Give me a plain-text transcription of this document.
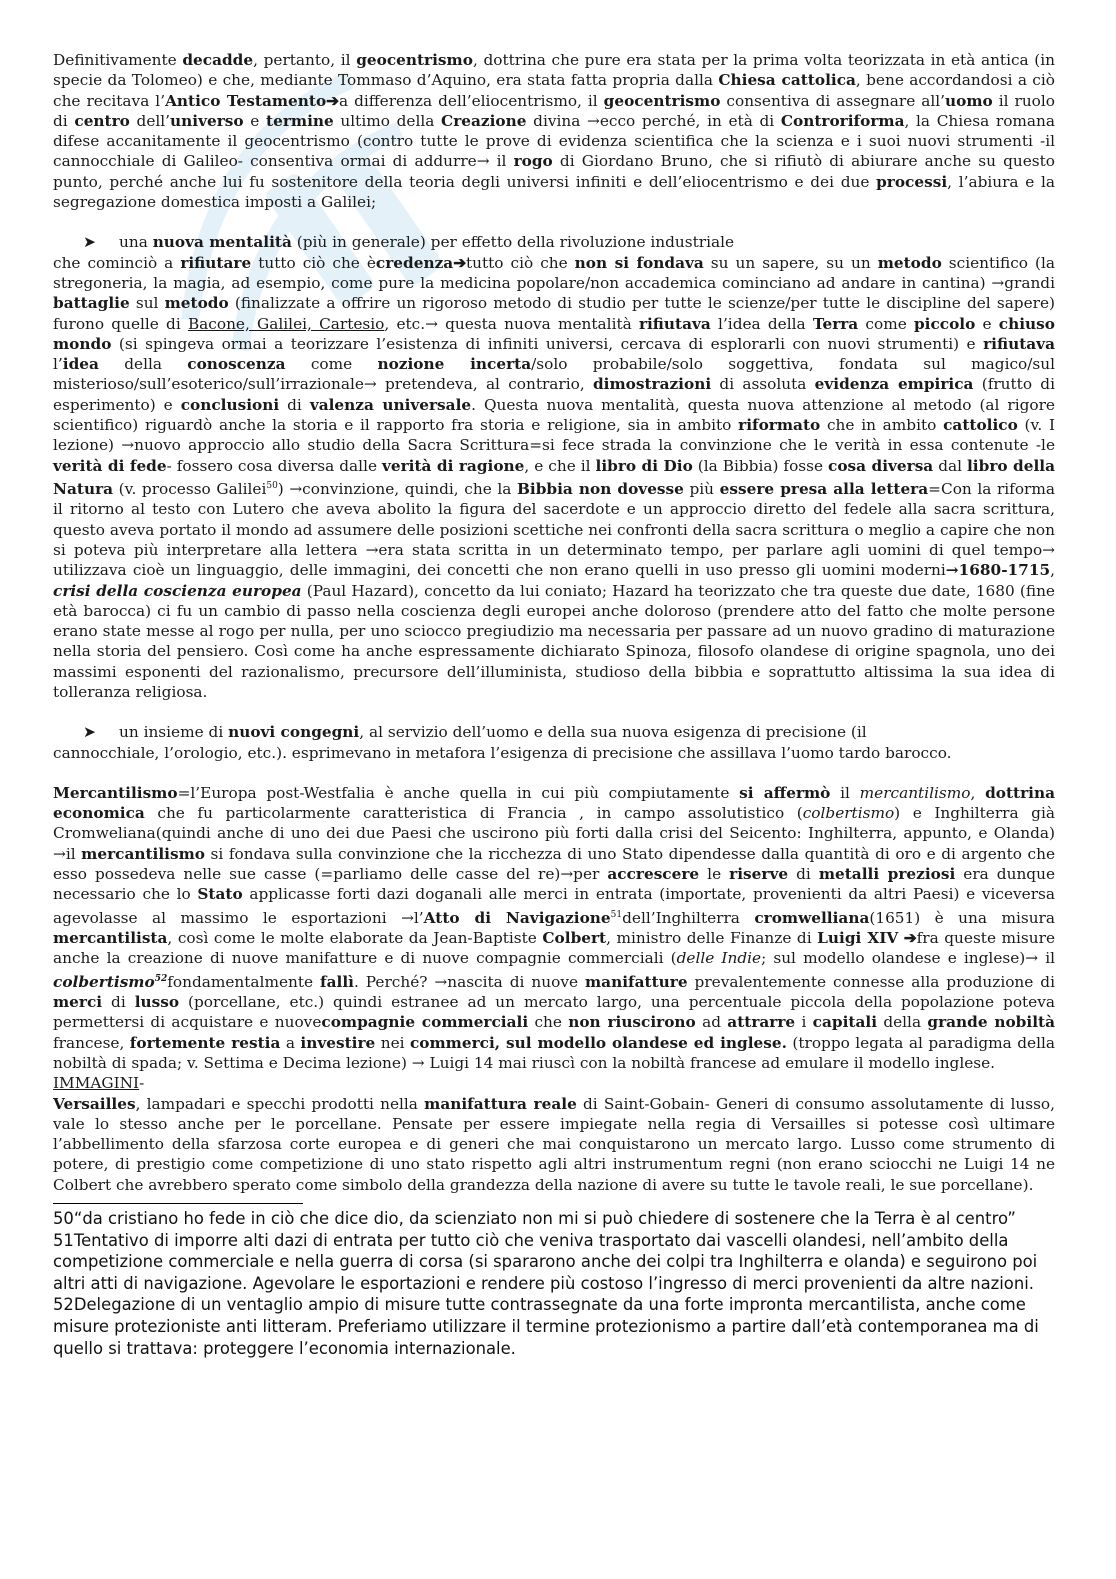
Definitivamente decadde, pertanto, il geocentrismo, dottrina che pure era stata per la prima volta teorizzata in età antica (in specie da Tolomeo) e che, mediante Tommaso d’Aquino, era stata fatta propria dalla Chiesa cattolica, bene accordandosi a ciò che recitava l’Antico Testamento➔a differenza dell’eliocentrismo, il geocentrismo consentiva di assegnare all’uomo il ruolo di centro dell’universo e termine ultimo della Creazione divina →ecco perché, in età di Controriforma, la Chiesa romana difese accanitamente il geocentrismo (contro tutte le prove di evidenza scientifica che la scienza e i suoi nuovi strumenti -il cannocchiale di Galileo- consentiva ormai di addurre→ il rogo di Giordano Bruno, che si rifiutò di abiurare anche su questo punto, perché anche lui fu sostenitore della teoria degli universi infiniti e dell’eliocentrismo e dei due processi, l’abiura e la segregazione domestica imposti a Galilei;

➤	una nuova mentalità (più in generale) per effetto della rivoluzione industriale

che cominciò a rifiutare tutto ciò che ècredenza➔tutto ciò che non si fondava su un sapere, su un metodo scientifico (la stregoneria, la magia, ad esempio, come pure la medicina popolare/non accademica cominciano ad andare in cantina) →grandi battaglie sul metodo (finalizzate a offrire un rigoroso metodo di studio per tutte le scienze/per tutte le discipline del sapere) furono quelle di Bacone, Galilei, Cartesio, etc.→ questa nuova mentalità rifiutava l’idea della Terra come piccolo e chiuso mondo (si spingeva ormai a teorizzare l’esistenza di infiniti universi, cercava di esplorarli con nuovi strumenti) e rifiutava l’idea della conoscenza come nozione incerta/solo probabile/solo soggettiva, fondata sul magico/sul misterioso/sull’esoterico/sull’irrazionale→ pretendeva, al contrario, dimostrazioni di assoluta evidenza empirica (frutto di esperimento) e conclusioni di valenza universale. Questa nuova mentalità, questa nuova attenzione al metodo (al rigore scientifico) riguardò anche la storia e il rapporto fra storia e religione, sia in ambito riformato che in ambito cattolico (v. I lezione) →nuovo approccio allo studio della Sacra Scrittura=si fece strada la convinzione che le verità in essa contenute -le verità di fede- fossero cosa diversa dalle verità di ragione, e che il libro di Dio (la Bibbia) fosse cosa diversa dal libro della Natura (v. processo Galilei$^{50}$) →convinzione, quindi, che la Bibbia non dovesse più essere presa alla lettera=Con la riforma il ritorno al testo con Lutero che aveva abolito la figura del sacerdote e un approccio diretto del fedele alla sacra scrittura, questo aveva portato il mondo ad assumere delle posizioni scettiche nei confronti della sacra scrittura o meglio a capire che non si poteva più interpretare alla lettera →era stata scritta in un determinato tempo, per parlare agli uomini di quel tempo→ utilizzava cioè un linguaggio, delle immagini, dei concetti che non erano quelli in uso presso gli uomini moderni→1680-1715, crisi della coscienza europea (Paul Hazard), concetto da lui coniato; Hazard ha teorizzato che tra queste due date, 1680 (fine età barocca) ci fu un cambio di passo nella coscienza degli europei anche doloroso (prendere atto del fatto che molte persone erano state messe al rogo per nulla, per uno sciocco pregiudizio ma necessaria per passare ad un nuovo gradino di maturazione nella storia del pensiero. Così come ha anche espressamente dichiarato Spinoza, filosofo olandese di origine spagnola, uno dei massimi esponenti del razionalismo, precursore dell’illuminista, studioso della bibbia e soprattutto altissima la sua idea di tolleranza religiosa.

➤	un insieme di nuovi congegni, al servizio dell’uomo e della sua nuova esigenza di precisione (il

cannocchiale, l’orologio, etc.). esprimevano in metafora l’esigenza di precisione che assillava l’uomo tardo barocco.

Mercantilismo=l’Europa post-Westfalia è anche quella in cui più compiutamente si affermò il mercantilismo, dottrina economica che fu particolarmente caratteristica di Francia , in campo assolutistico (colbertismo) e Inghilterra già Cromweliana(quindi anche di uno dei due Paesi che uscirono più forti dalla crisi del Seicento: Inghilterra, appunto, e Olanda) →il mercantilismo si fondava sulla convinzione che la ricchezza di uno Stato dipendesse dalla quantità di oro e di argento che esso possedeva nelle sue casse (=parliamo delle casse del re)→per accrescere le riserve di metalli preziosi era dunque necessario che lo Stato applicasse forti dazi doganali alle merci in entrata (importate, provenienti da altri Paesi) e viceversa agevolasse al massimo le esportazioni →l’Atto di Navigazione$^{51}$dell’Inghilterra cromwelliana(1651) è una misura mercantilista, così come le molte elaborate da Jean-Baptiste Colbert, ministro delle Finanze di Luigi XIV ➔fra queste misure anche la creazione di nuove manifatture e di nuove compagnie commerciali (delle Indie; sul modello olandese e inglese)→ il colbertismo$^{52}$fondamentalmente fallì. Perché? →nascita di nuove manifatture prevalentemente connesse alla produzione di merci di lusso (porcellane, etc.) quindi estranee ad un mercato largo, una percentuale piccola della popolazione poteva permettersi di acquistare e nuovecompagnie commerciali che non riuscirono ad attrarre i capitali della grande nobiltà francese, fortemente restia a investire nei commerci, sul modello olandese ed inglese. (troppo legata al paradigma della nobiltà di spada; v. Settima e Decima lezione) → Luigi 14 mai riuscì con la nobiltà francese ad emulare il modello inglese.

IMMAGINI-

Versailles, lampadari e specchi prodotti nella manifattura reale di Saint-Gobain- Generi di consumo assolutamente di lusso, vale lo stesso anche per le porcellane. Pensate per essere impiegate nella regia di Versailles si potesse così ultimare l’abbellimento della sfarzosa corte europea e di generi che mai conquistarono un mercato largo. Lusso come strumento di potere, di prestigio come competizione di uno stato rispetto agli altri instrumentum regni (non erano sciocchi ne Luigi 14 ne Colbert che avrebbero sperato come simbolo della grandezza della nazione di avere su tutte le tavole reali, le sue porcellane).

50“da cristiano ho fede in ciò che dice dio, da scienziato non mi si può chiedere di sostenere che la Terra è al centro”

51Tentativo di imporre alti dazi di entrata per tutto ciò che veniva trasportato dai vascelli olandesi, nell’ambito della competizione commerciale e nella guerra di corsa (si spararono anche dei colpi tra Inghilterra e olanda) e seguirono poi altri atti di navigazione. Agevolare le esportazioni e rendere più costoso l’ingresso di merci provenienti da altre nazioni.

52Delegazione di un ventaglio ampio di misure tutte contrassegnate da una forte impronta mercantilista, anche come misure protezioniste anti litteram. Preferiamo utilizzare il termine protezionismo a partire dall’età contemporanea ma di quello si trattava: proteggere l’economia internazionale.
